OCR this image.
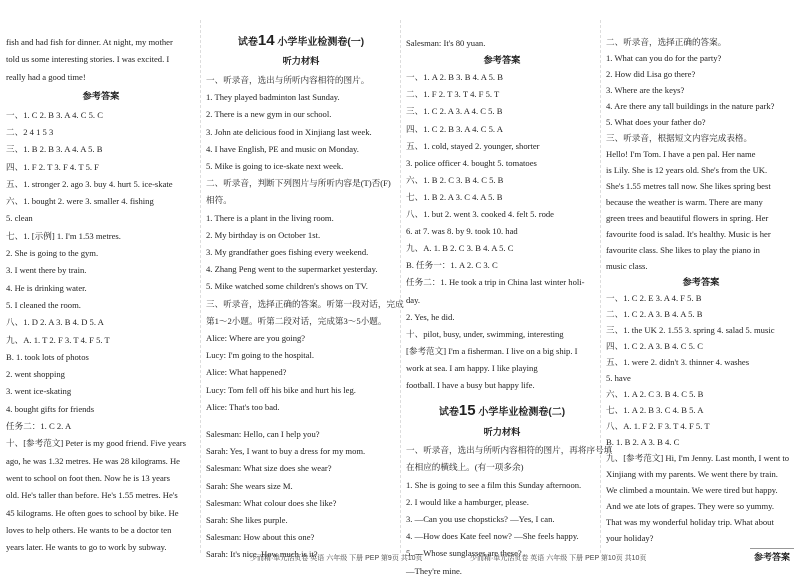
fish and had fish for dinner. At night, my mother
told us some interesting stories. I was excited. I
really had a good time!
参考答案
一、1. C 2. B 3. A 4. C 5. C
二、2 4 1 5 3
三、1. B 2. B 3. A 4. A 5. B
四、1. F 2. T 3. F 4. T 5. F
五、1. stronger 2. ago 3. buy 4. hurt 5. ice-skate
六、1. bought 2. were 3. smaller 4. fishing
5. clean
七、1. [示例] 1. I'm 1.53 metres.
2. She is going to the gym.
3. I went there by train.
4. He is drinking water.
5. I cleaned the room.
八、1. D 2. A 3. B 4. D 5. A
九、A. 1. T 2. F 3. T 4. F 5. T
B. 1. took lots of photos
2. went shopping
3. went ice-skating
4. bought gifts for friends
任务二：1. C 2. A
十、[参考范文] Peter is my good friend. Five years
ago, he was 1.32 metres. He was 28 kilograms. He
went to school on foot then. Now he is 13 years
old. He's taller than before. He's 1.55 metres. He's
45 kilograms. He often goes to school by bike. He
loves to help others. He wants to be a doctor ten
years later. He wants to go to work by subway.
试卷14 小学毕业检测卷(一)
听力材料
一、听录音，选出与所听内容相符的图片。
1. They played badminton last Sunday.
2. There is a new gym in our school.
3. John ate delicious food in Xinjiang last week.
4. I have English, PE and music on Monday.
5. Mike is going to ice-skate next week.
二、听录音，判断下列图片与所听内容是(T)否(F)
相符。
1. There is a plant in the living room.
2. My birthday is on October 1st.
3. My grandfather goes fishing every weekend.
4. Zhang Peng went to the supermarket yesterday.
5. Mike watched some children's shows on TV.
三、听录音，选择正确的答案。听第一段对话，完成
第1～2小题。听第二段对话，完成第3～5小题。
Alice: Where are you going?
Lucy: I'm going to the hospital.
Alice: What happened?
Lucy: Tom fell off his bike and hurt his leg.
Alice: That's too bad.
Salesman: Hello, can I help you?
Sarah: Yes, I want to buy a dress for my mom.
Salesman: What size does she wear?
Sarah: She wears size M.
Salesman: What colour does she like?
Sarah: She likes purple.
Salesman: How about this one?
Sarah: It's nice. How much is it?
Salesman: It's 80 yuan.
参考答案
一、1. A 2. B 3. B 4. A 5. B
二、1. F 2. T 3. T 4. F 5. T
三、1. C 2. A 3. A 4. C 5. B
四、1. C 2. B 3. A 4. C 5. A
五、1. cold, stayed 2. younger, shorter
3. police officer 4. bought 5. tomatoes
六、1. B 2. C 3. B 4. C 5. B
七、1. B 2. A 3. C 4. A 5. B
八、1. but 2. went 3. cooked 4. felt 5. rode
6. at 7. was 8. by 9. took 10. had
九、A. 1. B 2. C 3. B 4. A 5. C
B. 任务一：1. A 2. C 3. C
任务二：1. He took a trip in China last winter holi-
day.
2. Yes, he did.
十、pilot, busy, under, swimming, interesting
[参考范文] I'm a fisherman. I live on a big ship. I
work at sea. I am happy. I like playing
football. I have a busy but happy life.
试卷15 小学毕业检测卷(二)
听力材料
一、听录音，选出与所听内容相符的图片，再将序号填
在相应的横线上。(有一项多余)
1. She is going to see a film this Sunday afternoon.
2. I would like a hamburger, please.
3. —Can you use chopsticks? —Yes, I can.
4. —How does Kate feel now? —She feels happy.
5. —Whose sunglasses are these?
—They're mine.
二、听录音，选择正确的答案。
1. What can you do for the party?
2. How did Lisa go there?
3. Where are the keys?
4. Are there any tall buildings in the nature park?
5. What does your father do?
三、听录音，根据短文内容完成表格。
Hello! I'm Tom. I have a pen pal. Her name
is Lily. She is 12 years old. She's from the UK.
She's 1.55 metres tall now. She likes spring best
because the weather is warm. There are many
green trees and beautiful flowers in spring. Her
favourite food is salad. It's healthy. Music is her
favourite class. She likes to play the piano in
music class.
参考答案
一、1. C 2. E 3. A 4. F 5. B
二、1. C 2. A 3. B 4. A 5. B
三、1. the UK 2. 1.55 3. spring 4. salad 5. music
四、1. C 2. A 3. B 4. C 5. C
五、1. were 2. didn't 3. thinner 4. washes
5. have
六、1. A 2. C 3. B 4. C 5. B
七、1. A 2. B 3. C 4. B 5. A
八、A. 1. F 2. F 3. T 4. F 5. T
B. 1. B 2. A 3. B 4. C
九、[参考范文] Hi, I'm Jenny. Last month, I went to
Xinjiang with my parents. We went there by train.
We climbed a mountain. We were tired but happy.
And we ate lots of grapes. They were so yummy.
That was my wonderful holiday trip. What about
your holiday?
少而精·单元活页卷 英语 六年级 下册 PEP 第9页 共10页	少而精·单元活页卷 英语 六年级 下册 PEP 第10页 共10页	参考答案
